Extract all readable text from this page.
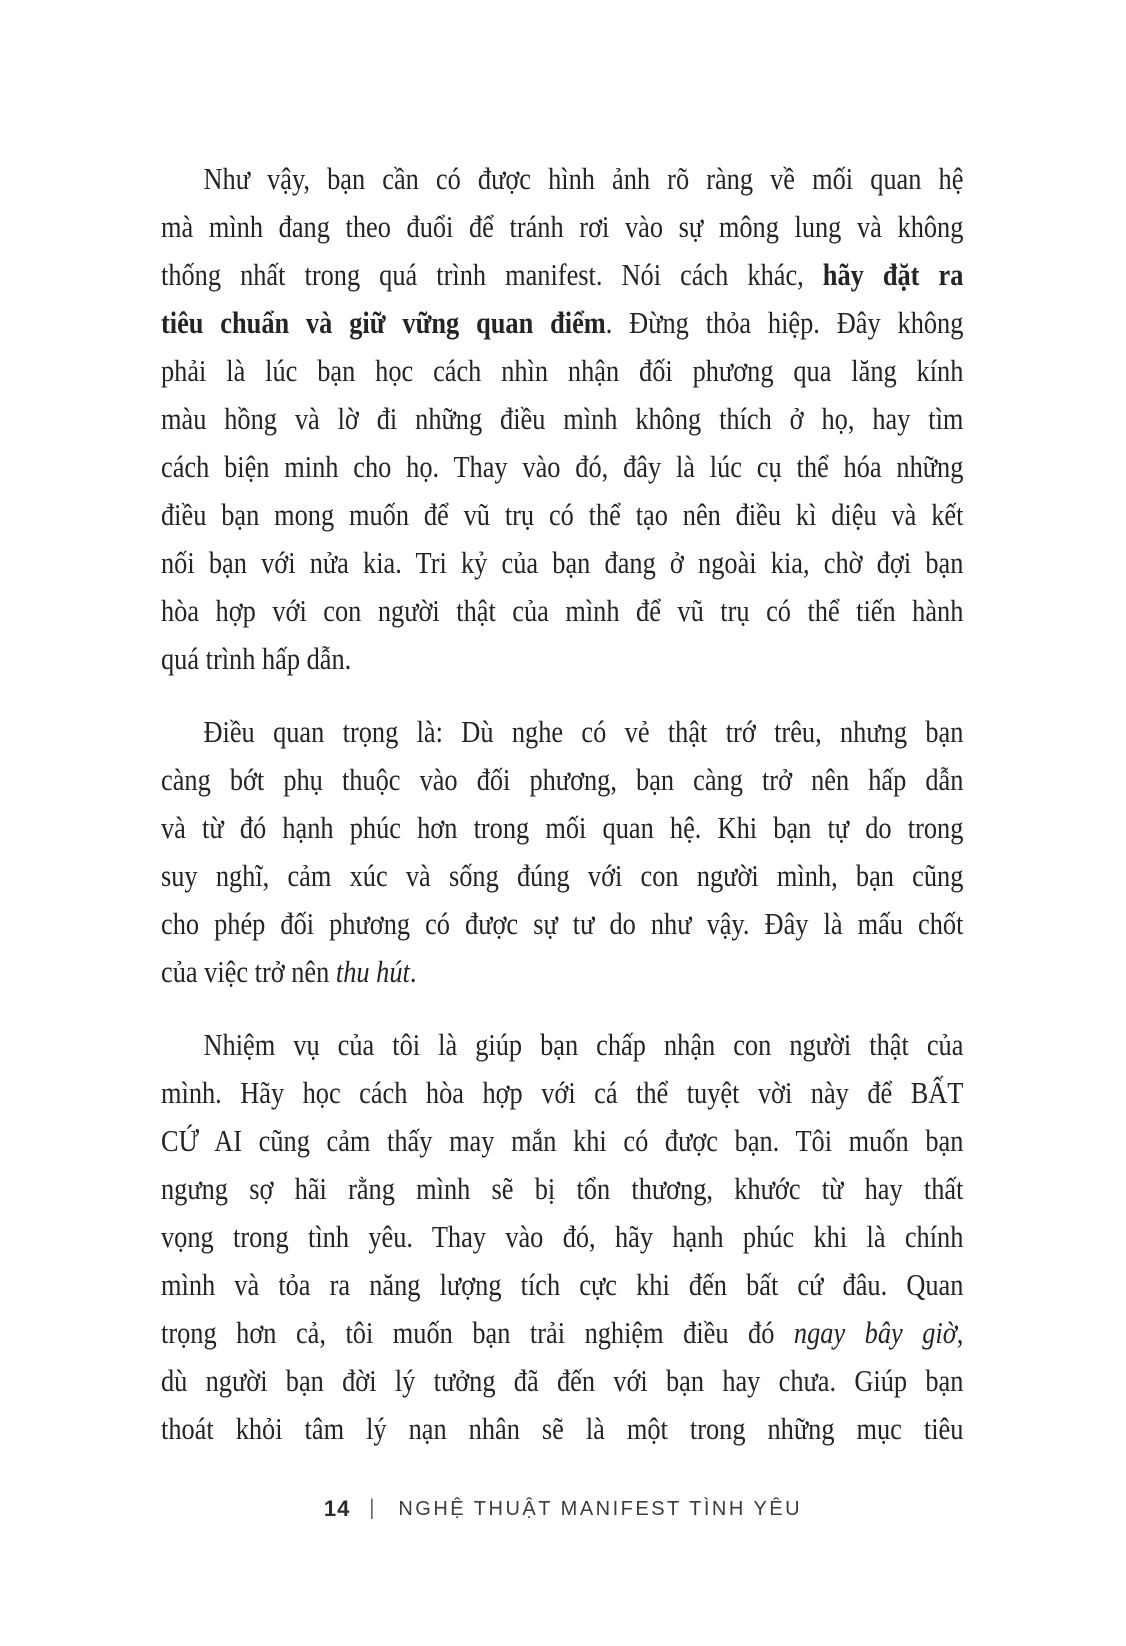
Như vậy, bạn cần có được hình ảnh rõ ràng về mối quan hệ
mà mình đang theo đuổi để tránh rơi vào sự mông lung và không
thống nhất trong quá trình manifest. Nói cách khác, hãy đặt ra
tiêu chuẩn và giữ vững quan điểm. Đừng thỏa hiệp. Đây không
phải là lúc bạn học cách nhìn nhận đối phương qua lăng kính
màu hồng và lờ đi những điều mình không thích ở họ, hay tìm
cách biện minh cho họ. Thay vào đó, đây là lúc cụ thể hóa những
điều bạn mong muốn để vũ trụ có thể tạo nên điều kì diệu và kết
nối bạn với nửa kia. Tri kỷ của bạn đang ở ngoài kia, chờ đợi bạn
hòa hợp với con người thật của mình để vũ trụ có thể tiến hành
quá trình hấp dẫn.
Điều quan trọng là: Dù nghe có vẻ thật trớ trêu, nhưng bạn
càng bớt phụ thuộc vào đối phương, bạn càng trở nên hấp dẫn
và từ đó hạnh phúc hơn trong mối quan hệ. Khi bạn tự do trong
suy nghĩ, cảm xúc và sống đúng với con người mình, bạn cũng
cho phép đối phương có được sự tư do như vậy. Đây là mấu chốt
của việc trở nên thu hút.
Nhiệm vụ của tôi là giúp bạn chấp nhận con người thật của
mình. Hãy học cách hòa hợp với cá thể tuyệt vời này để BẤT
CỨ AI cũng cảm thấy may mắn khi có được bạn. Tôi muốn bạn
ngưng sợ hãi rằng mình sẽ bị tổn thương, khước từ hay thất
vọng trong tình yêu. Thay vào đó, hãy hạnh phúc khi là chính
mình và tỏa ra năng lượng tích cực khi đến bất cứ đâu. Quan
trọng hơn cả, tôi muốn bạn trải nghiệm điều đó ngay bây giờ,
dù người bạn đời lý tưởng đã đến với bạn hay chưa. Giúp bạn
thoát khỏi tâm lý nạn nhân sẽ là một trong những mục tiêu
14 | NGHỆ THUẬT MANIFEST TÌNH YÊU
